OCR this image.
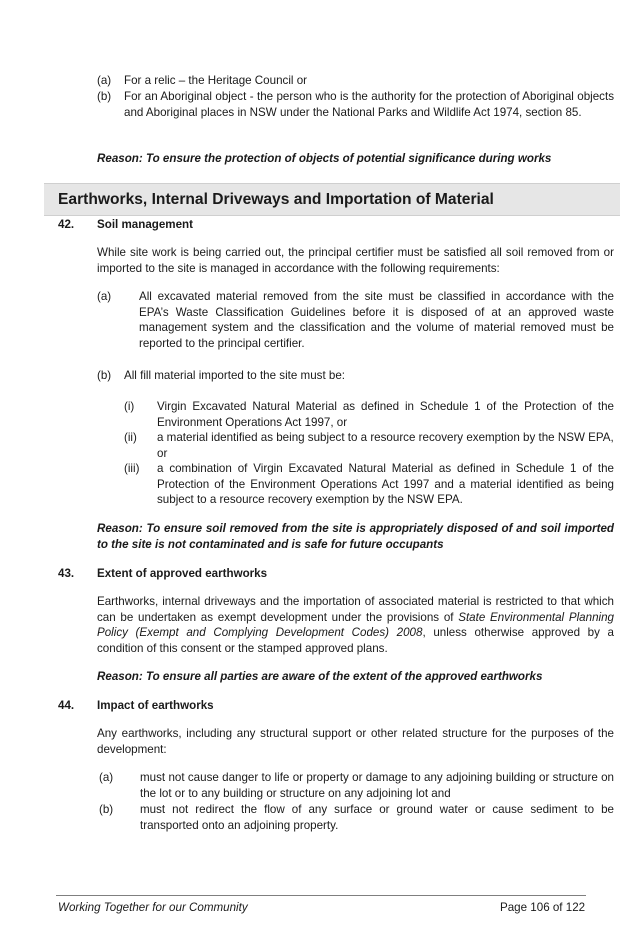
(a) For a relic – the Heritage Council or
(b) For an Aboriginal object - the person who is the authority for the protection of Aboriginal objects and Aboriginal places in NSW under the National Parks and Wildlife Act 1974, section 85.
Reason: To ensure the protection of objects of potential significance during works
Earthworks, Internal Driveways and Importation of Material
42. Soil management
While site work is being carried out, the principal certifier must be satisfied all soil removed from or imported to the site is managed in accordance with the following requirements:
(a) All excavated material removed from the site must be classified in accordance with the EPA’s Waste Classification Guidelines before it is disposed of at an approved waste management system and the classification and the volume of material removed must be reported to the principal certifier.
(b) All fill material imported to the site must be:
(i) Virgin Excavated Natural Material as defined in Schedule 1 of the Protection of the Environment Operations Act 1997, or
(ii) a material identified as being subject to a resource recovery exemption by the NSW EPA, or
(iii) a combination of Virgin Excavated Natural Material as defined in Schedule 1 of the Protection of the Environment Operations Act 1997 and a material identified as being subject to a resource recovery exemption by the NSW EPA.
Reason: To ensure soil removed from the site is appropriately disposed of and soil imported to the site is not contaminated and is safe for future occupants
43. Extent of approved earthworks
Earthworks, internal driveways and the importation of associated material is restricted to that which can be undertaken as exempt development under the provisions of State Environmental Planning Policy (Exempt and Complying Development Codes) 2008, unless otherwise approved by a condition of this consent or the stamped approved plans.
Reason: To ensure all parties are aware of the extent of the approved earthworks
44. Impact of earthworks
Any earthworks, including any structural support or other related structure for the purposes of the development:
(a) must not cause danger to life or property or damage to any adjoining building or structure on the lot or to any building or structure on any adjoining lot and
(b) must not redirect the flow of any surface or ground water or cause sediment to be transported onto an adjoining property.
Working Together for our Community	Page 106 of 122
